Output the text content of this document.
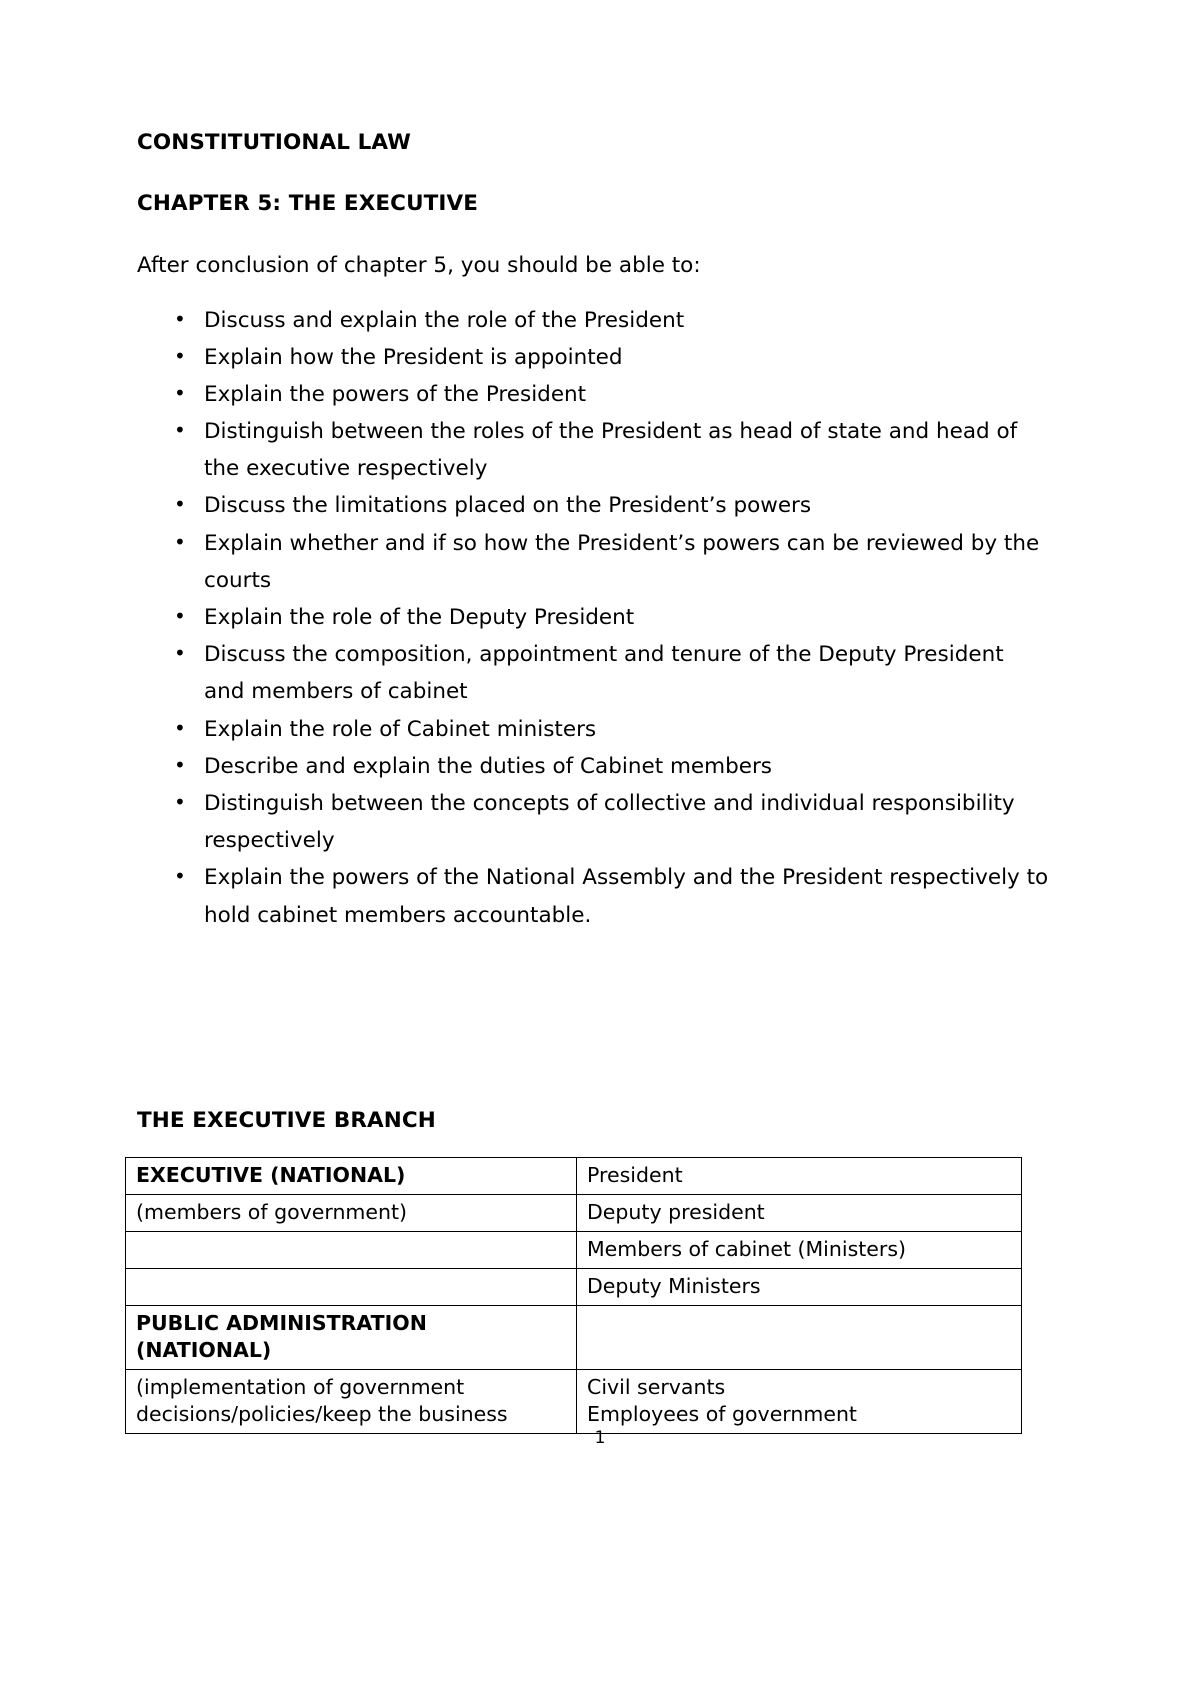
CONSTITUTIONAL LAW
CHAPTER 5: THE EXECUTIVE
After conclusion of chapter 5, you should be able to:
• Discuss and explain the role of the President
• Explain how the President is appointed
• Explain the powers of the President
• Distinguish between the roles of the President as head of state and head of the executive respectively
• Discuss the limitations placed on the President’s powers
• Explain whether and if so how the President’s powers can be reviewed by the courts
• Explain the role of the Deputy President
• Discuss the composition, appointment and tenure of the Deputy President and members of cabinet
• Explain the role of Cabinet ministers
• Describe and explain the duties of Cabinet members
• Distinguish between the concepts of collective and individual responsibility respectively
• Explain the powers of the National Assembly and the President respectively to hold cabinet members accountable.
THE EXECUTIVE BRANCH
EXECUTIVE (NATIONAL)	President

(members of government)	Deputy president

	Members of cabinet (Ministers)

	Deputy Ministers

PUBLIC ADMINISTRATION
(NATIONAL)	

(implementation of government
decisions/policies/keep the business	Civil servants
Employees of government
1
